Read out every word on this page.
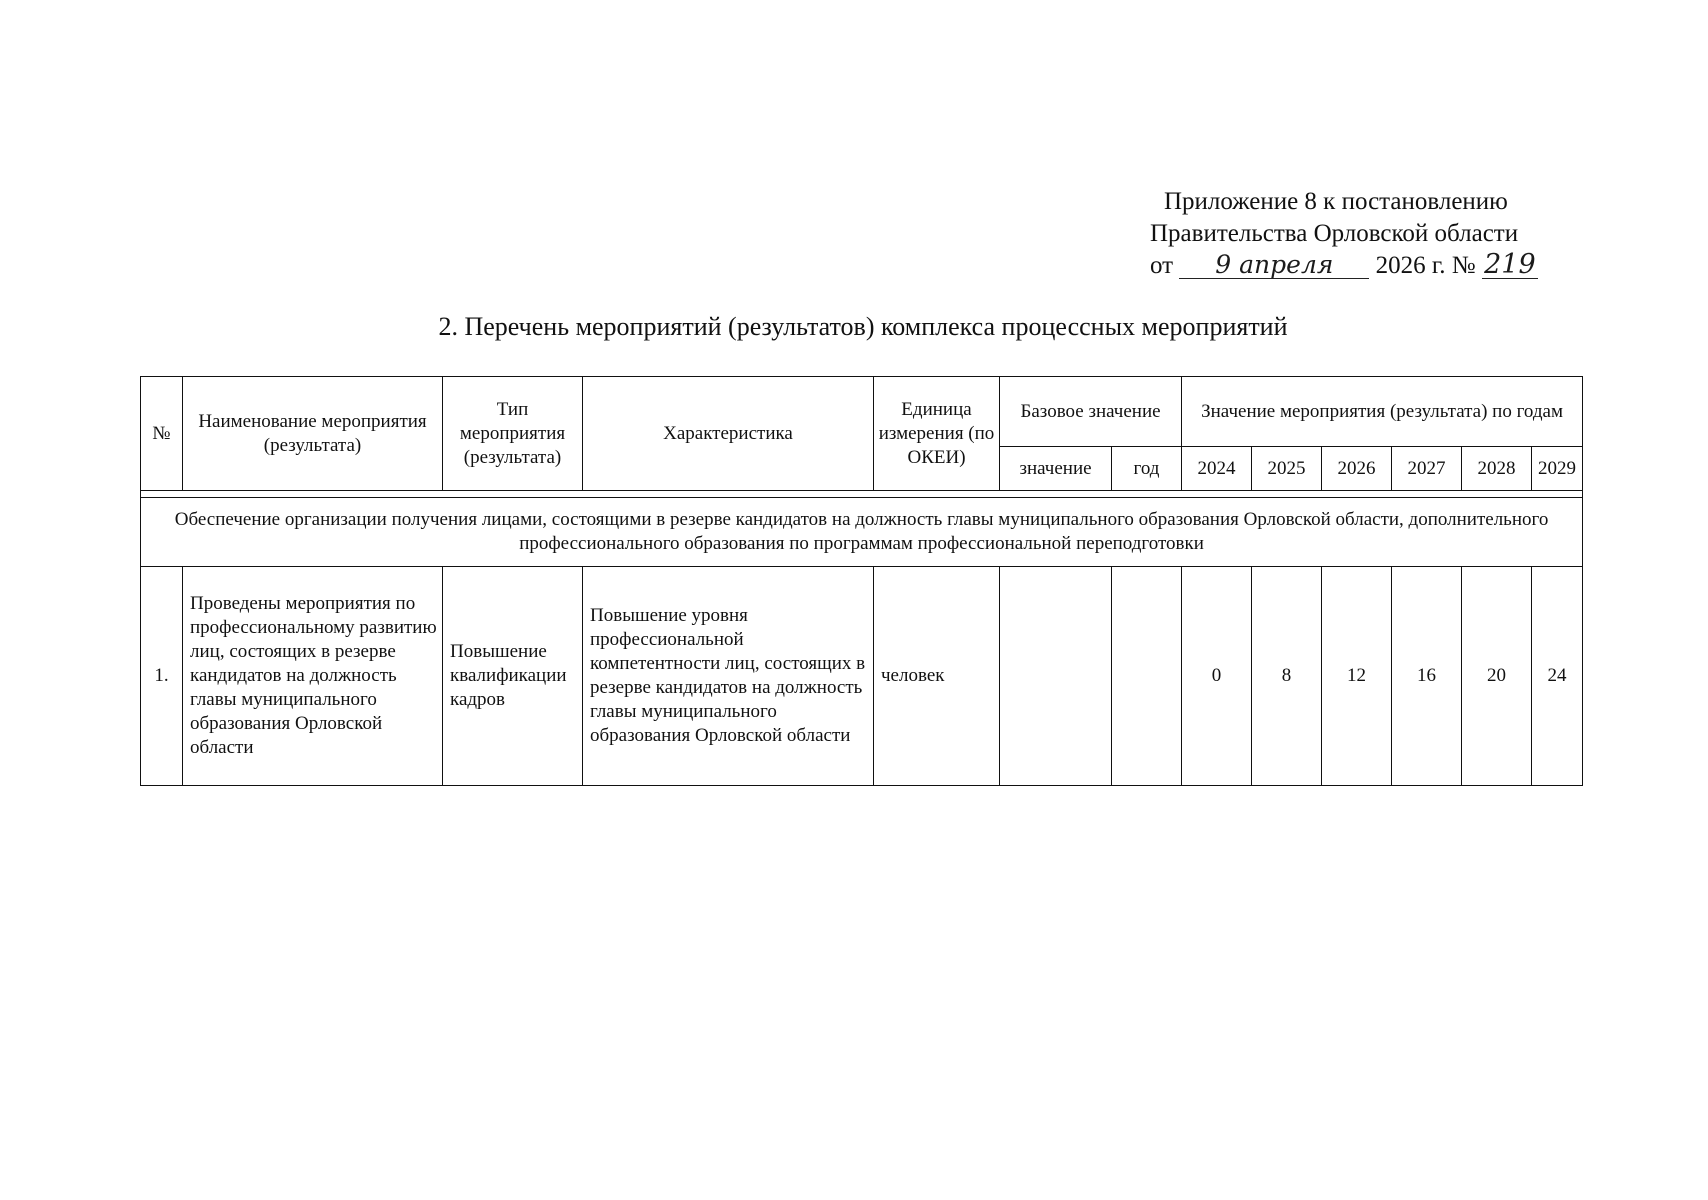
Приложение 8 к постановлению
Правительства Орловской области
от 9 апреля 2026 г. № 219
2. Перечень мероприятий (результатов) комплекса процессных мероприятий
№	Наименование мероприятия (результата)	Тип мероприятия (результата)	Характеристика	Единица измерения (по ОКЕИ)	Базовое значение		Значение мероприятия (результата) по годам					
					значение	год	2024	2025	2026	2027	2028	2029

Обеспечение организации получения лицами, состоящими в резерве кандидатов на должность главы муниципального образования Орловской области, дополнительного профессионального образования по программам профессиональной переподготовки												
1.	Проведены мероприятия по профессиональному развитию лиц, состоящих в резерве кандидатов на должность главы муниципального образования Орловской области	Повышение квалификации кадров	Повышение уровня профессиональной компетентности лиц, состоящих в резерве кандидатов на должность главы муниципального образования Орловской области	человек			0	8	12	16	20	24
